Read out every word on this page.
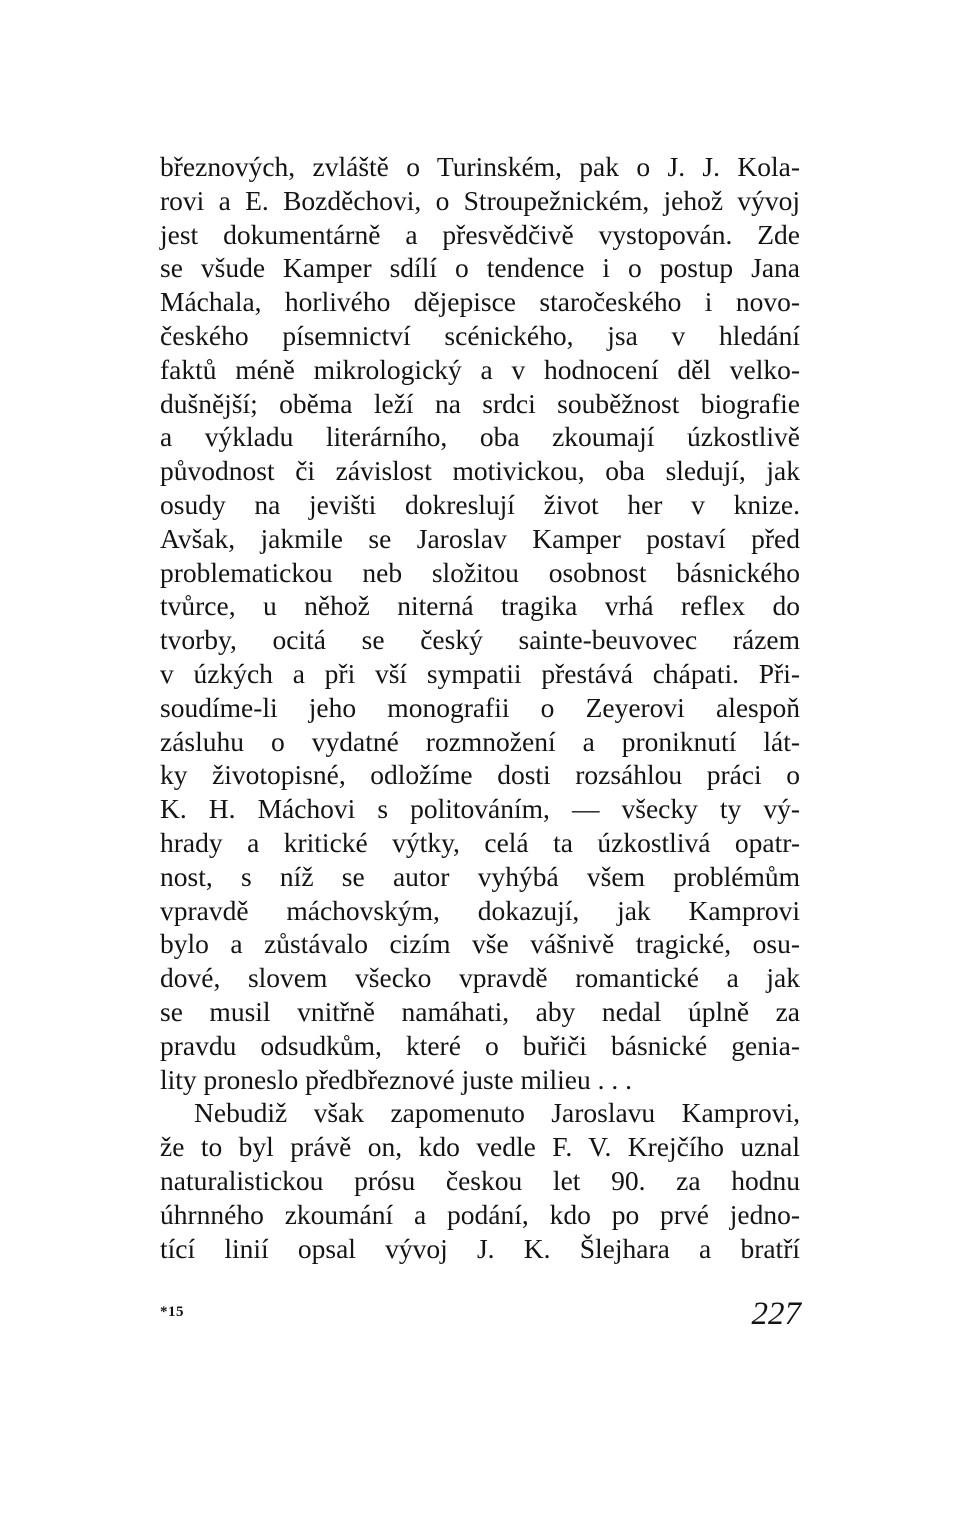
březnových, zvláště o Turinském, pak o J. J. Kola-
rovi a E. Bozděchovi, o Stroupežnickém, jehož vývoj
jest dokumentárně a přesvědčivě vystopován. Zde
se všude Kamper sdílí o tendence i o postup Jana
Máchala, horlivého dějepisce staročeského i novo-
českého písemnictví scénického, jsa v hledání
faktů méně mikrologický a v hodnocení děl velko-
dušnější; oběma leží na srdci souběžnost biografie
a výkladu literárního, oba zkoumají úzkostlivě
původnost či závislost motivickou, oba sledují, jak
osudy na jevišti dokreslují život her v knize.
Avšak, jakmile se Jaroslav Kamper postaví před
problematickou neb složitou osobnost básnického
tvůrce, u něhož niterná tragika vrhá reflex do
tvorby, ocitá se český sainte-beuvovec rázem
v úzkých a při vší sympatii přestává chápati. Při-
soudíme-li jeho monografii o Zeyerovi alespoň
zásluhu o vydatné rozmnožení a proniknutí lát-
ky životopisné, odložíme dosti rozsáhlou práci o
K. H. Máchovi s politováním, — všecky ty vý-
hrady a kritické výtky, celá ta úzkostlivá opatr-
nost, s níž se autor vyhýbá všem problémům
vpravdě máchovským, dokazují, jak Kamprovi
bylo a zůstávalo cizím vše vášnivě tragické, osu-
dové, slovem všecko vpravdě romantické a jak
se musil vnitřně namáhati, aby nedal úplně za
pravdu odsudkům, které o buřiči básnické genia-
lity proneslo předbřeznové juste milieu . . .
Nebudiž však zapomenuto Jaroslavu Kamprovi,
že to byl právě on, kdo vedle F. V. Krejčího uznal
naturalistickou prósu českou let 90. za hodnu
úhrnného zkoumání a podání, kdo po prvé jedno-
tící linií opsal vývoj J. K. Šlejhara a bratří
*15	227
